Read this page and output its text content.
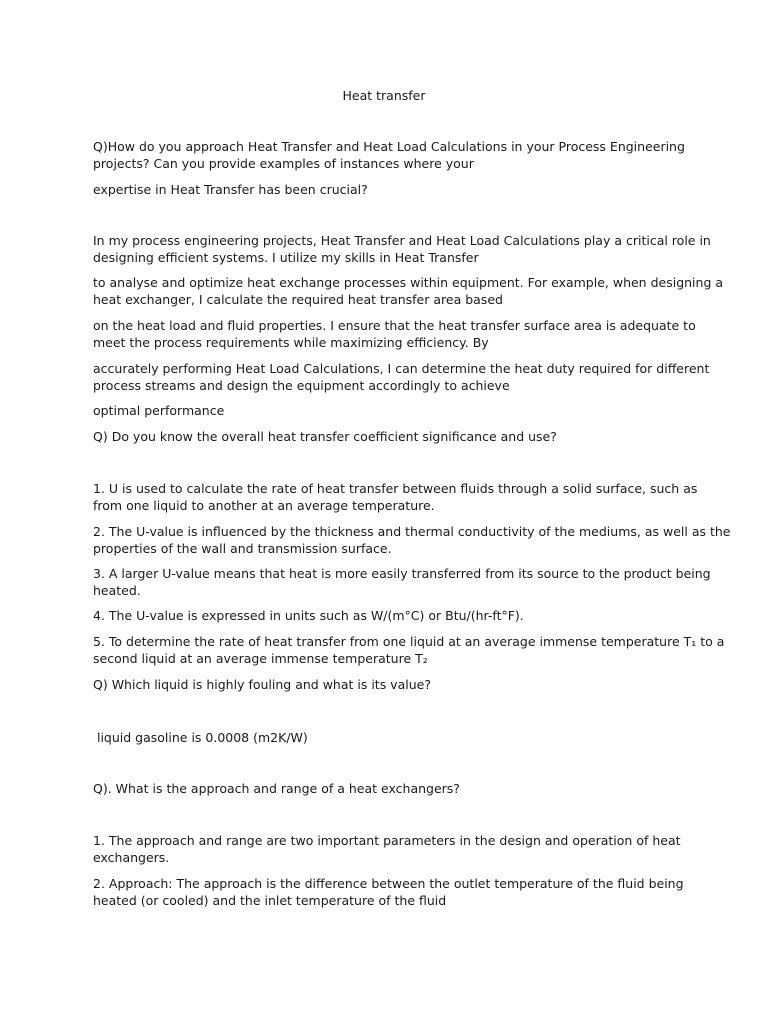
Heat transfer
Q)How do you approach Heat Transfer and Heat Load Calculations in your Process Engineering
projects? Can you provide examples of instances where your
expertise in Heat Transfer has been crucial?
In my process engineering projects, Heat Transfer and Heat Load Calculations play a critical role in
designing efficient systems. I utilize my skills in Heat Transfer
to analyse and optimize heat exchange processes within equipment. For example, when designing a
heat exchanger, I calculate the required heat transfer area based
on the heat load and fluid properties. I ensure that the heat transfer surface area is adequate to
meet the process requirements while maximizing efficiency. By
accurately performing Heat Load Calculations, I can determine the heat duty required for different
process streams and design the equipment accordingly to achieve
optimal performance
Q) Do you know the overall heat transfer coefficient significance and use?
1. U is used to calculate the rate of heat transfer between fluids through a solid surface, such as
from one liquid to another at an average temperature.
2. The U-value is influenced by the thickness and thermal conductivity of the mediums, as well as the
properties of the wall and transmission surface.
3. A larger U-value means that heat is more easily transferred from its source to the product being
heated.
4. The U-value is expressed in units such as W/(m°C) or Btu/(hr-ft°F).
5. To determine the rate of heat transfer from one liquid at an average immense temperature T₁ to a
second liquid at an average immense temperature T₂
Q) Which liquid is highly fouling and what is its value?
liquid gasoline is 0.0008 (m2K/W)
Q). What is the approach and range of a heat exchangers?
1. The approach and range are two important parameters in the design and operation of heat
exchangers.
2. Approach: The approach is the difference between the outlet temperature of the fluid being
heated (or cooled) and the inlet temperature of the fluid
